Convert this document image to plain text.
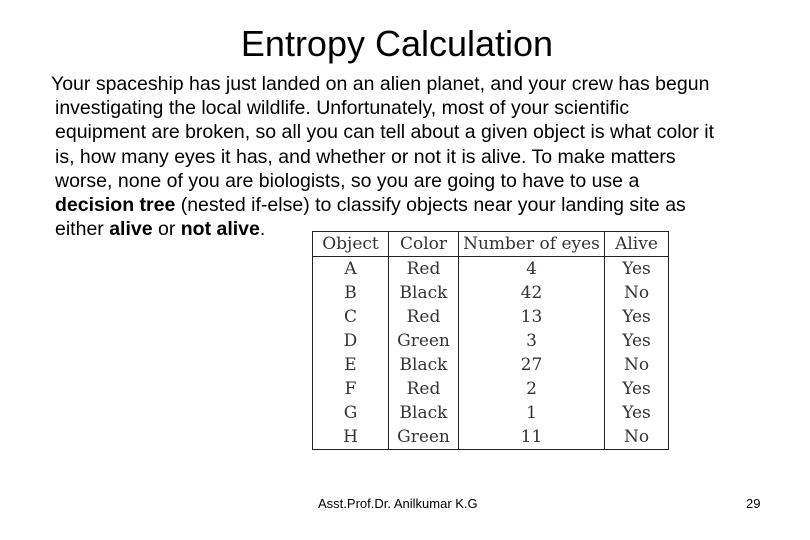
Entropy Calculation
Your spaceship has just landed on an alien planet, and your crew has begun
investigating the local wildlife. Unfortunately, most of your scientific
equipment are broken, so all you can tell about a given object is what color it
is, how many eyes it has, and whether or not it is alive. To make matters
worse, none of you are biologists, so you are going to have to use a
decision tree (nested if-else) to classify objects near your landing site as
either alive or not alive.
Object	Color	Number of eyes	Alive
A	Red	4	Yes
B	Black	42	No
C	Red	13	Yes
D	Green	3	Yes
E	Black	27	No
F	Red	2	Yes
G	Black	1	Yes
H	Green	11	No
Asst.Prof.Dr. Anilkumar K.G	29
